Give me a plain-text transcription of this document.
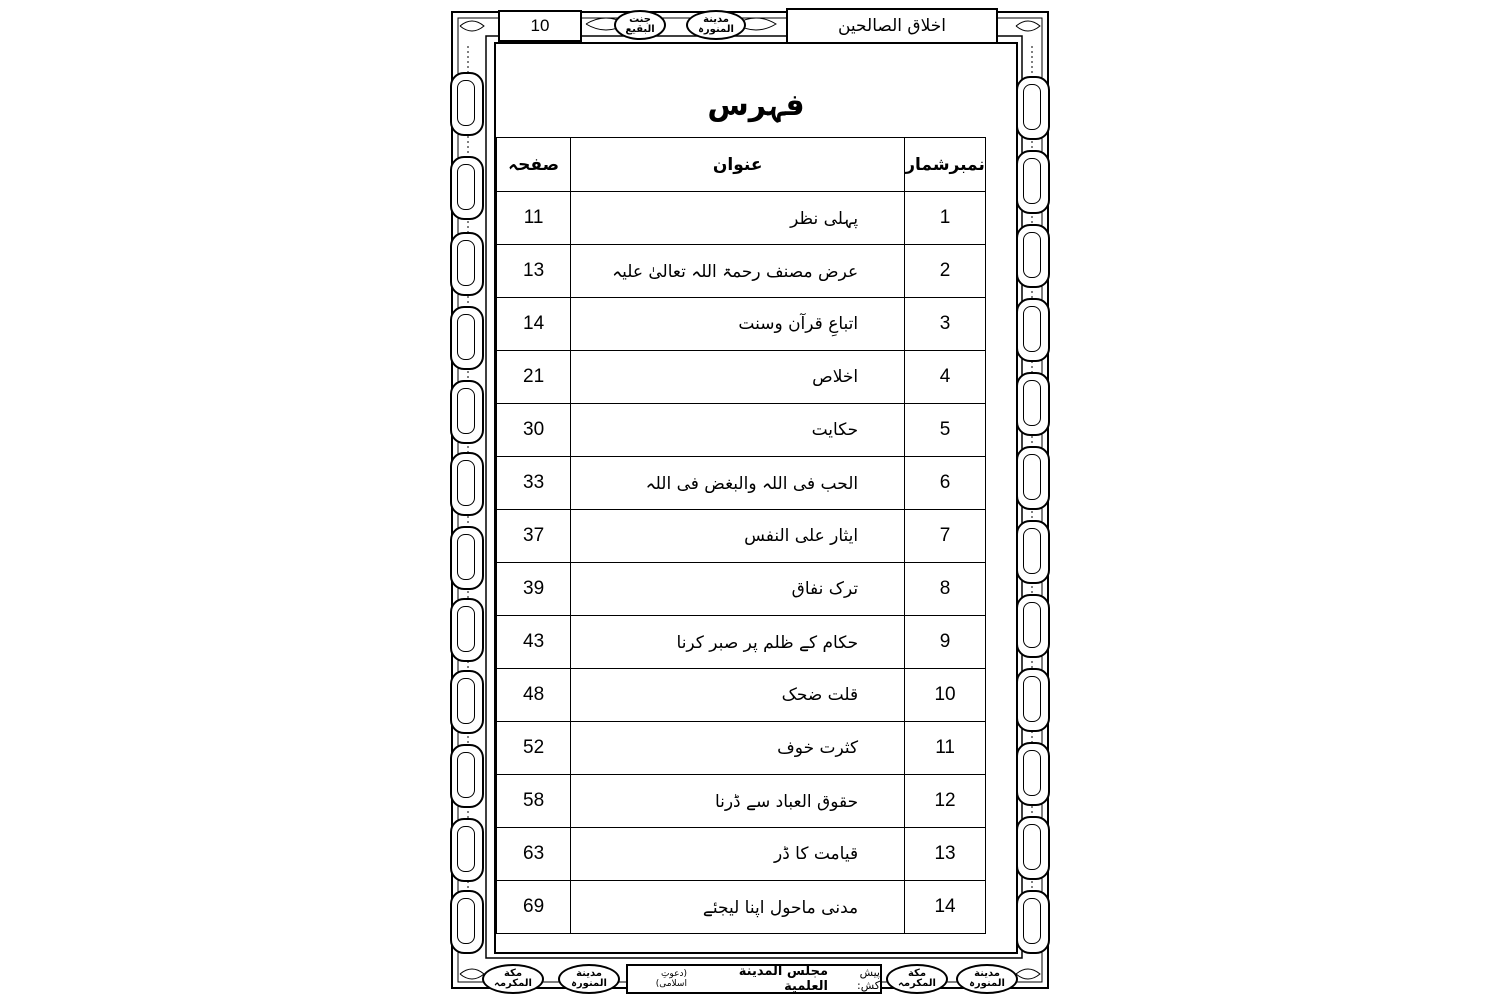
10	جنت
البقیع
مدینة
المنورہ	اخلاق الصالحین
فہرس
نمبرشمار	عنوان	صفحہ
1	پہلی نظر	11
2	عرض مصنف رحمۃ اللہ تعالیٰ علیہ	13
3	اتباعِ قرآن وسنت	14
4	اخلاص	21
5	حکایت	30
6	الحب فی اللہ والبغض فی اللہ	33
7	ایثار علی النفس	37
8	ترک نفاق	39
9	حکام کے ظلم پر صبر کرنا	43
10	قلت ضحک	48
11	کثرت خوف	52
12	حقوق العباد سے ڈرنا	58
13	قیامت کا ڈر	63
14	مدنی ماحول اپنا لیجئے	69
مکة
المکرمہ
مدینة
المنورہ
پیش کش:
مجلس المدینة العلمیة
(دعوتِ اسلامی)
مکة
المکرمہ
مدینة
المنورہ
